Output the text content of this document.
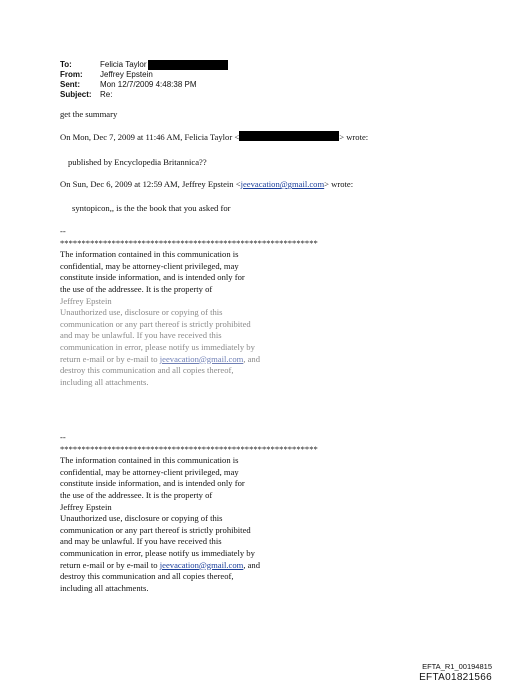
To:	Felicia Taylor
From:	Jeffrey Epstein
Sent:	Mon 12/7/2009 4:48:38 PM
Subject:	Re:
get the summary
On Mon, Dec 7, 2009 at 11:46 AM, Felicia Taylor <	> wrote:
published by Encyclopedia Britannica??
On Sun, Dec 6, 2009 at 12:59 AM, Jeffrey Epstein <jeevacation@gmail.com> wrote:
syntopicon,, is the the book that you asked for
--
************************************************************
The information contained in this communication is
confidential, may be attorney-client privileged, may
constitute inside information, and is intended only for
the use of the addressee. It is the property of
Jeffrey Epstein
Unauthorized use, disclosure or copying of this
communication or any part thereof is strictly prohibited
and may be unlawful. If you have received this
communication in error, please notify us immediately by
return e-mail or by e-mail to jeevacation@gmail.com, and
destroy this communication and all copies thereof,
including all attachments.
--
************************************************************
The information contained in this communication is
confidential, may be attorney-client privileged, may
constitute inside information, and is intended only for
the use of the addressee. It is the property of
Jeffrey Epstein
Unauthorized use, disclosure or copying of this
communication or any part thereof is strictly prohibited
and may be unlawful. If you have received this
communication in error, please notify us immediately by
return e-mail or by e-mail to jeevacation@gmail.com, and
destroy this communication and all copies thereof,
including all attachments.
EFTA_R1_00194815
EFTA01821566
